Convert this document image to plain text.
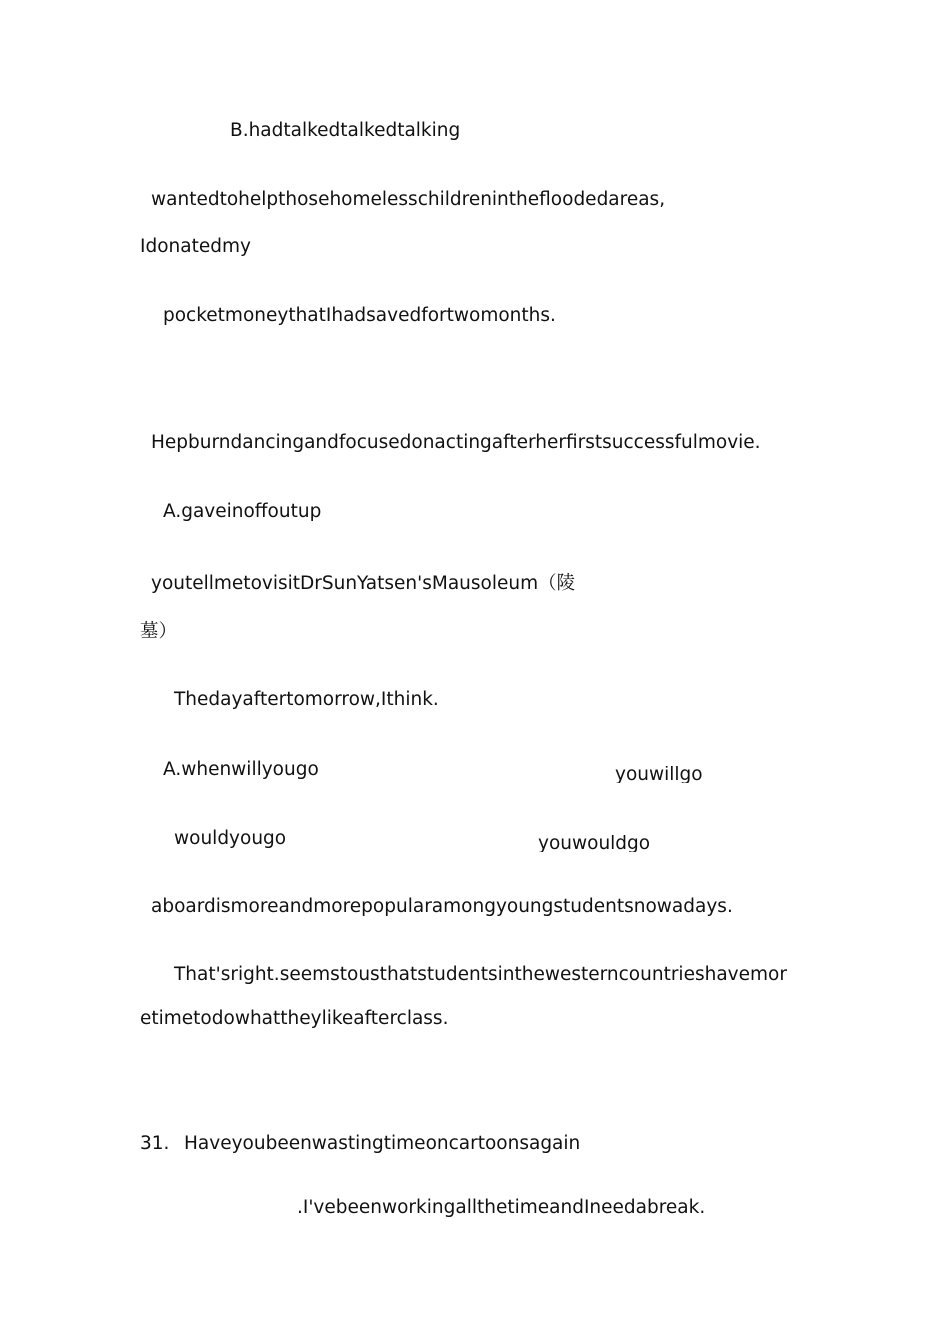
B.hadtalkedtalkedtalking
wantedtohelpthosehomelesschildreninthefloodedareas,
Idonatedmy
pocketmoneythatIhadsavedfortwomonths.
Hepburndancingandfocusedonactingafterherfirstsuccessfulmovie.
A.gaveinoffoutup
youtellmetovisitDrSunYatsen'sMausoleum（陵
墓）
Thedayaftertomorrow,Ithink.
A.whenwillyougo	youwillgo
wouldyougo	youwouldgo
aboardismoreandmorepopularamongyoungstudentsnowadays.
That'sright.seemstousthatstudentsinthewesterncountrieshavemor
etimetodowhattheylikeafterclass.
31. Haveyoubeenwastingtimeoncartoonsagain
.I'vebeenworkingallthetimeandIneedabreak.
